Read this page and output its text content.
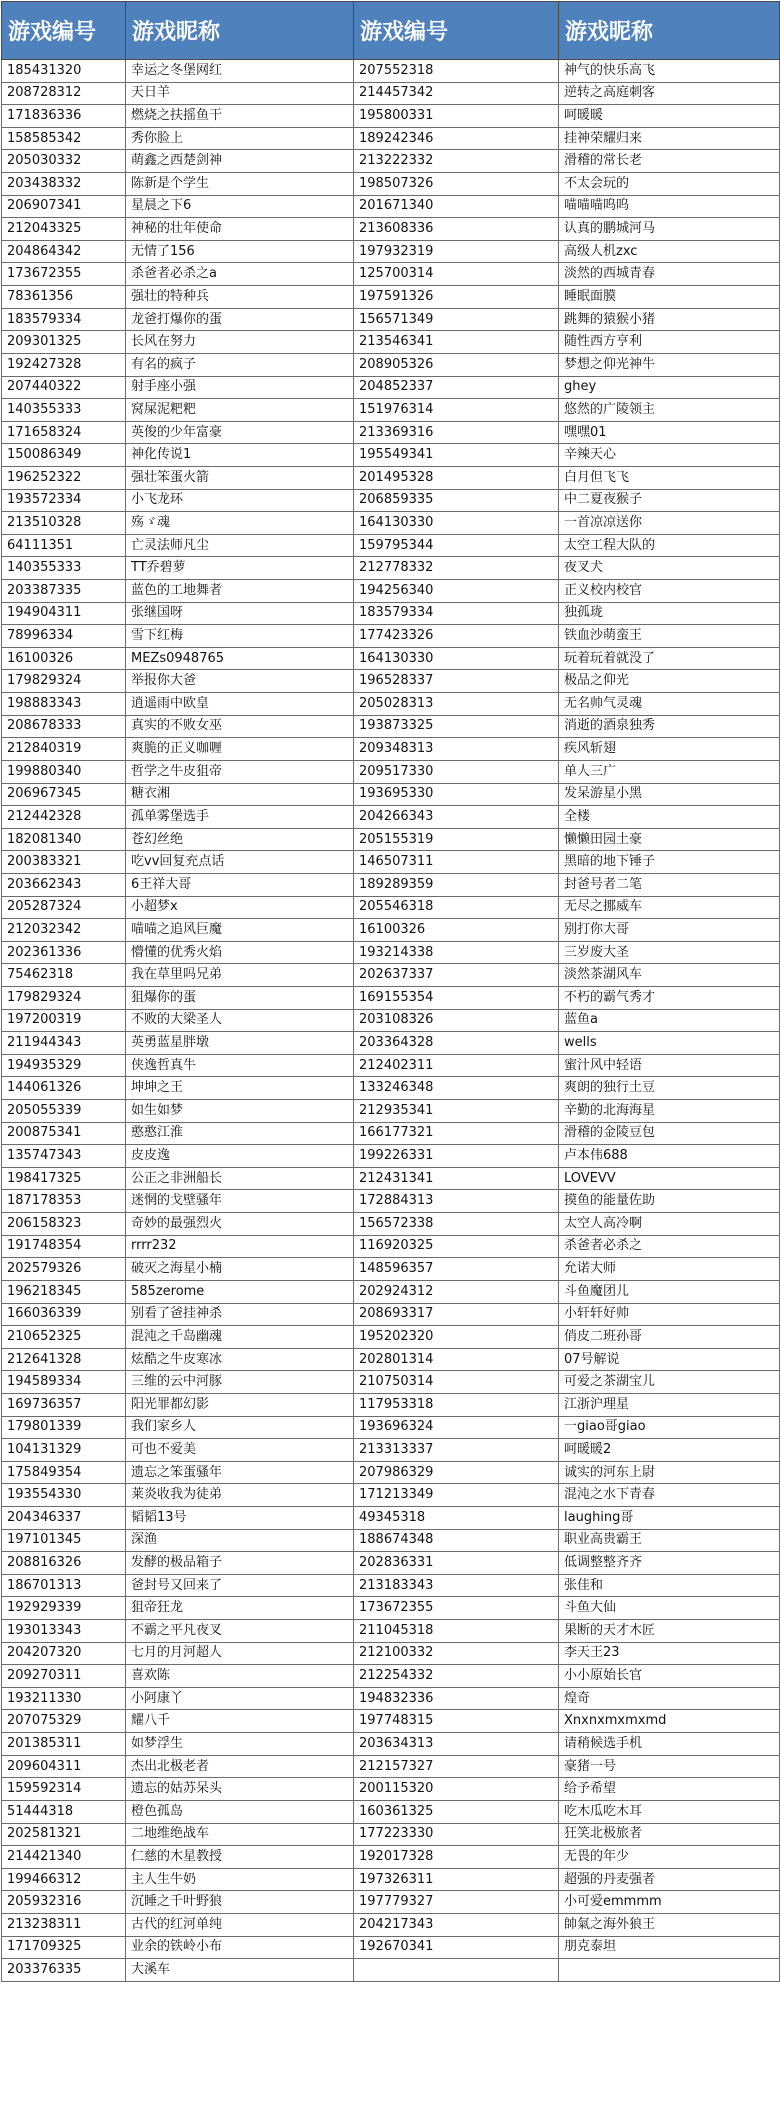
游戏编号	游戏昵称	游戏编号	游戏昵称
185431320	幸运之冬堡网红	207552318	神气的快乐高飞
208728312	天日羊	214457342	逆转之高庭刺客
171836336	燃烧之扶摇鱼干	195800331	呵暖暖
158585342	秀你脸上	189242346	挂神荣耀归来
205030332	萌鑫之西楚剑神	213222332	滑稽的常长老
203438332	陈新是个学生	198507326	不太会玩的
206907341	星晨之下6	201671340	喵喵喵呜呜
212043325	神秘的壮年使命	213608336	认真的鹏城河马
204864342	无情了156	197932319	高级人机zxc
173672355	杀爸者必杀之a	125700314	淡然的西城青春
78361356	强壮的特种兵	197591326	睡眠面膜
183579334	龙爸打爆你的蛋	156571349	跳舞的猿猴小猪
209301325	长风在努力	213546341	随性西方亨利
192427328	有名的疯子	208905326	梦想之仰光神牛
207440322	射手座小强	204852337	ghey
140355333	窝屎泥粑粑	151976314	悠然的广陵领主
171658324	英俊的少年富豪	213369316	嘿嘿01
150086349	神化传说1	195549341	辛辣天心
196252322	强壮笨蛋火箭	201495328	白月但飞飞
193572334	小飞龙环	206859335	中二夏夜猴子
213510328	殇ゞ魂	164130330	一首凉凉送你
64111351	亡灵法师凡尘	159795344	太空工程大队的
140355333	TT乔碧萝	212778332	夜叉犬
203387335	蓝色的工地舞者	194256340	正义校内校官
194904311	张继国呀	183579334	独孤珑
78996334	雪下红梅	177423326	铁血沙萌蛮王
16100326	MEZs0948765	164130330	玩着玩着就没了
179829324	举报你大爸	196528337	极品之仰光
198883343	逍遥雨中欧皇	205028313	无名帅气灵魂
208678333	真实的不败女巫	193873325	消逝的酒泉独秀
212840319	爽脆的正义咖喱	209348313	疾风斩翅
199880340	哲学之牛皮狙帝	209517330	单人三广
206967345	糖衣湘	193695330	发呆游星小黑
212442328	孤单雾堡选手	204266343	全楼
182081340	苍幻丝绝	205155319	懒懒田园土豪
200383321	吃vv回复充点话	146507311	黑暗的地下锤子
203662343	6王祥大哥	189289359	封爸号者二笔
205287324	小超梦x	205546318	无尽之挪威车
212032342	喵喵之追风巨魔	16100326	别打你大哥
202361336	懵懂的优秀火焰	193214338	三岁废大圣
75462318	我在草里吗兄弟	202637337	淡然茶湖风车
179829324	狙爆你的蛋	169155354	不朽的霸气秀才
197200319	不败的大梁圣人	203108326	蓝鱼a
211944343	英勇蓝星胖墩	203364328	wells
194935329	侠逸哲真牛	212402311	蜜汁风中轻语
144061326	坤坤之王	133246348	爽朗的独行土豆
205055339	如生如梦	212935341	辛勤的北海海星
200875341	憨憨江淮	166177321	滑稽的金陵豆包
135747343	皮皮逸	199226331	卢本伟688
198417325	公正之非洲船长	212431341	LOVEVV
187178353	迷惘的戈壁骚年	172884313	摸鱼的能量佐助
206158323	奇妙的最强烈火	156572338	太空人高冷啊
191748354	rrrr232	116920325	杀爸者必杀之
202579326	破灭之海星小楠	148596357	允诺大师
196218345	585zerome	202924312	斗鱼魔团儿
166036339	别看了爸挂神杀	208693317	小轩轩好帅
210652325	混沌之千岛幽魂	195202320	俏皮二班孙哥
212641328	炫酷之牛皮寒冰	202801314	07号解说
194589334	三维的云中河豚	210750314	可爱之茶湖宝儿
169736357	阳光罪都幻影	117953318	江浙沪理星
179801339	我们家乡人	193696324	一giao哥giao
104131329	可也不爱美	213313337	呵暖暖2
175849354	遗忘之笨蛋骚年	207986329	诚实的河东上尉
193554330	莱炎收我为徒弟	171213349	混沌之水下青春
204346337	韬韬13号	49345318	laughing哥
197101345	深渔	188674348	职业高贵霸王
208816326	发酵的极品箱子	202836331	低调整整齐齐
186701313	爸封号又回来了	213183343	张佳和
192929339	狙帝狂龙	173672355	斗鱼大仙
193013343	不霸之平凡夜叉	211045318	果断的天才木匠
204207320	七月的月河超人	212100332	李天王23
209270311	喜欢陈	212254332	小小原始长官
193211330	小阿康丫	194832336	煌奇
207075329	耀八千	197748315	Xnxnxmxmxmd
201385311	如梦浮生	203634313	请稍候选手机
209604311	杰出北极老者	212157327	豪猪一号
159592314	遗忘的姑苏呆头	200115320	给予希望
51444318	橙色孤岛	160361325	吃木瓜吃木耳
202581321	二地维绝战车	177223330	狂笑北极旅者
214421340	仁慈的木星教授	192017328	无畏的年少
199466312	主人生牛奶	197326311	超强的丹麦强者
205932316	沉睡之千叶野狼	197779327	小可爱emmmm
213238311	古代的红河单纯	204217343	帥氣之海外狼王
171709325	业余的铁岭小布	192670341	朋克泰坦
203376335	大溪车		
